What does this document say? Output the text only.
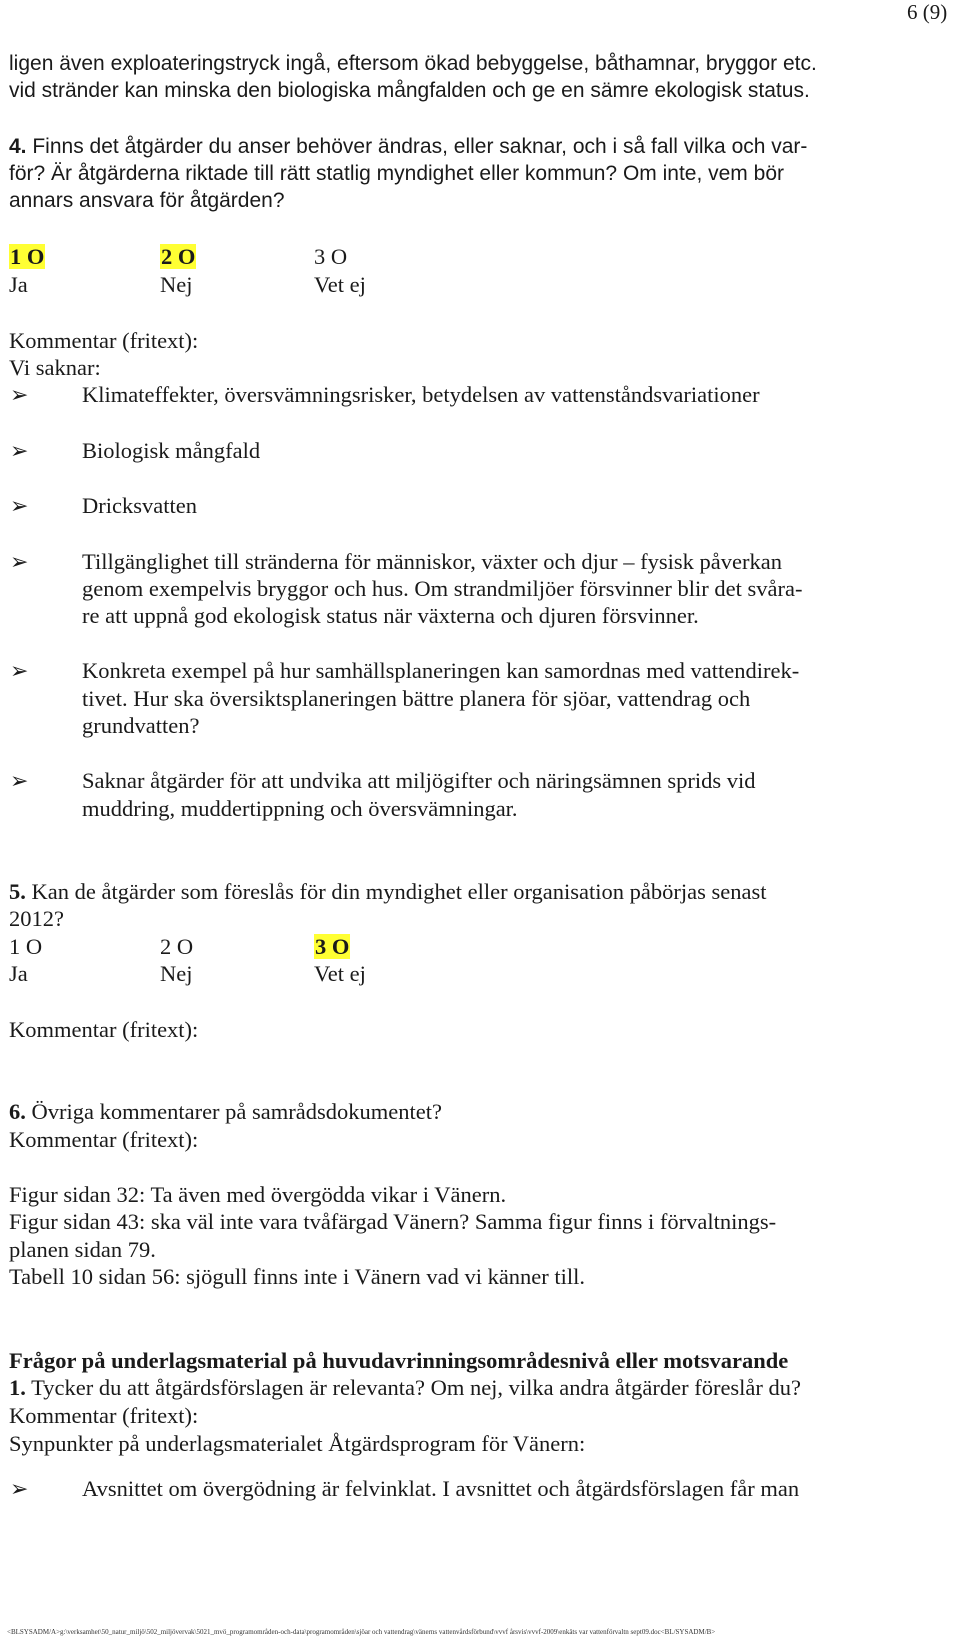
6 (9)
ligen även exploateringstryck ingå, eftersom ökad bebyggelse, båthamnar, bryggor etc.
vid stränder kan minska den biologiska mångfalden och ge en sämre ekologisk status.
4. Finns det åtgärder du anser behöver ändras, eller saknar, och i så fall vilka och var-
för? Är åtgärderna riktade till rätt statlig myndighet eller kommun? Om inte, vem bör
annars ansvara för åtgärden?
1 O	2 O	3 O
Ja	Nej	Vet ej
Kommentar (fritext):
Vi saknar:
➢ Klimateffekter, översvämningsrisker, betydelsen av vattenståndsvariationer
➢ Biologisk mångfald
➢ Dricksvatten
➢ Tillgänglighet till stränderna för människor, växter och djur – fysisk påverkan
genom exempelvis bryggor och hus. Om strandmiljöer försvinner blir det svåra-
re att uppnå god ekologisk status när växterna och djuren försvinner.
➢ Konkreta exempel på hur samhällsplaneringen kan samordnas med vattendirek-
tivet. Hur ska översiktsplaneringen bättre planera för sjöar, vattendrag och
grundvatten?
➢ Saknar åtgärder för att undvika att miljögifter och näringsämnen sprids vid
muddring, muddertippning och översvämningar.
5. Kan de åtgärder som föreslås för din myndighet eller organisation påbörjas senast
2012?
1 O	2 O	3 O
Ja	Nej	Vet ej
Kommentar (fritext):
6. Övriga kommentarer på samrådsdokumentet?
Kommentar (fritext):
Figur sidan 32: Ta även med övergödda vikar i Vänern.
Figur sidan 43: ska väl inte vara tvåfärgad Vänern? Samma figur finns i förvaltnings-
planen sidan 79.
Tabell 10 sidan 56: sjögull finns inte i Vänern vad vi känner till.
Frågor på underlagsmaterial på huvudavrinningsområdesnivå eller motsvarande
1. Tycker du att åtgärdsförslagen är relevanta? Om nej, vilka andra åtgärder föreslår du?
Kommentar (fritext):
Synpunkter på underlagsmaterialet Åtgärdsprogram för Vänern:
➢ Avsnittet om övergödning är felvinklat. I avsnittet och åtgärdsförslagen får man
<BLSYSADM/A>g:\verksamhet\50_natur_miljö\502_miljövervak\5021_mvö_programområden-och-data\programområden\sjöar och vattendrag\vänerns vattenvårdsförbund\vvvf årsvis\vvvf-2009\enkäts var vattenförvaltn sept09.doc<BL/SYSADM/B>
